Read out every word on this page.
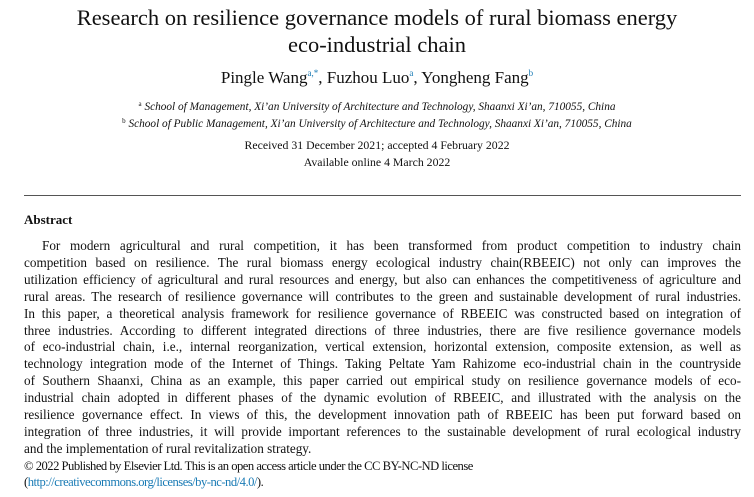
Research on resilience governance models of rural biomass energy
eco-industrial chain
Pingle Wang$^{a,*}$, Fuzhou Luo$^a$, Yongheng Fang$^b$
$^a$ School of Management, Xi’an University of Architecture and Technology, Shaanxi Xi’an, 710055, China
$^b$ School of Public Management, Xi’an University of Architecture and Technology, Shaanxi Xi’an, 710055, China
Received 31 December 2021; accepted 4 February 2022
Available online 4 March 2022
Abstract
For modern agricultural and rural competition, it has been transformed from product competition to industry chain
competition based on resilience. The rural biomass energy ecological industry chain(RBEEIC) not only can improves the
utilization efficiency of agricultural and rural resources and energy, but also can enhances the competitiveness of agriculture and
rural areas. The research of resilience governance will contributes to the green and sustainable development of rural industries.
In this paper, a theoretical analysis framework for resilience governance of RBEEIC was constructed based on integration of
three industries. According to different integrated directions of three industries, there are five resilience governance models
of eco-industrial chain, i.e., internal reorganization, vertical extension, horizontal extension, composite extension, as well as
technology integration mode of the Internet of Things. Taking Peltate Yam Rahizome eco-industrial chain in the countryside
of Southern Shaanxi, China as an example, this paper carried out empirical study on resilience governance models of eco-
industrial chain adopted in different phases of the dynamic evolution of RBEEIC, and illustrated with the analysis on the
resilience governance effect. In views of this, the development innovation path of RBEEIC has been put forward based on
integration of three industries, it will provide important references to the sustainable development of rural ecological industry
and the implementation of rural revitalization strategy.
© 2022 Published by Elsevier Ltd. This is an open access article under the CC BY-NC-ND license
(http://creativecommons.org/licenses/by-nc-nd/4.0/).
